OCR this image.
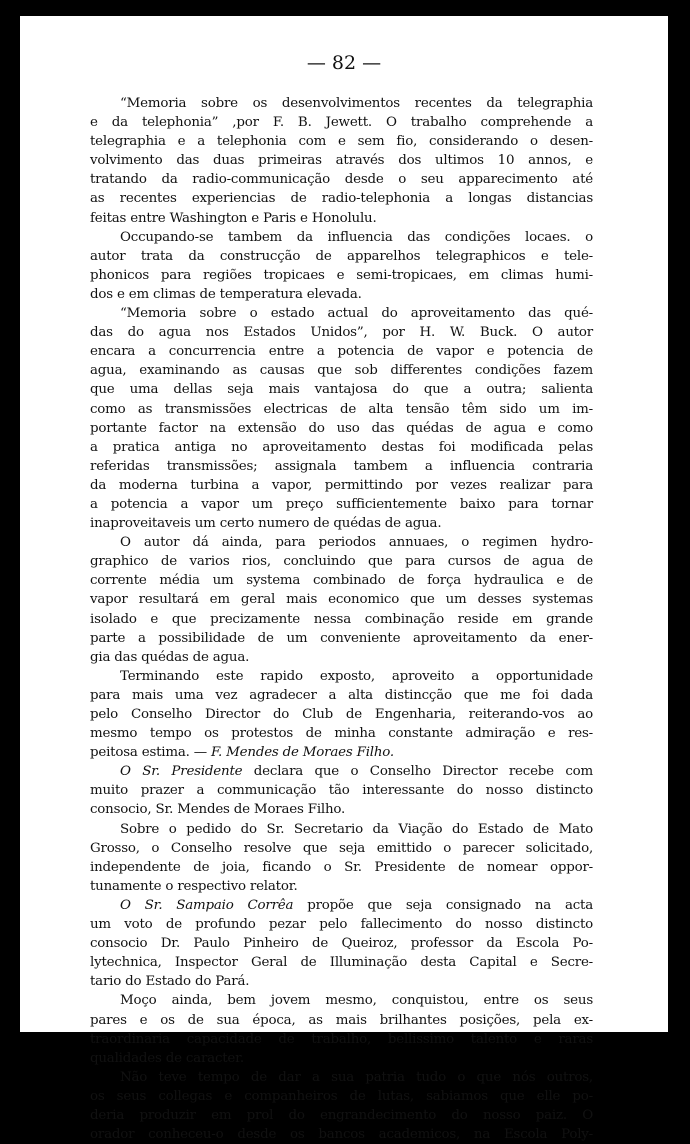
— 82 —
“Memoria sobre os desenvolvimentos recentes da telegraphia
e da telephonia” ,por F. B. Jewett. O trabalho comprehende a
telegraphia e a telephonia com e sem fio, considerando o desen-
volvimento das duas primeiras através dos ultimos 10 annos, e
tratando da radio-communicação desde o seu apparecimento até
as recentes experiencias de radio-telephonia a longas distancias
feitas entre Washington e Paris e Honolulu.
Occupando-se tambem da influencia das condições locaes. o
autor trata da construcção de apparelhos telegraphicos e tele-
phonicos para regiões tropicaes e semi-tropicaes, em climas humi-
dos e em climas de temperatura elevada.
“Memoria sobre o estado actual do aproveitamento das qué-
das do agua nos Estados Unidos”, por H. W. Buck. O autor
encara a concurrencia entre a potencia de vapor e potencia de
agua, examinando as causas que sob differentes condições fazem
que uma dellas seja mais vantajosa do que a outra; salienta
como as transmissões electricas de alta tensão têm sido um im-
portante factor na extensão do uso das quédas de agua e como
a pratica antiga no aproveitamento destas foi modificada pelas
referidas transmissões; assignala tambem a influencia contraria
da moderna turbina a vapor, permittindo por vezes realizar para
a potencia a vapor um preço sufficientemente baixo para tornar
inaproveitaveis um certo numero de quédas de agua.
O autor dá ainda, para periodos annuaes, o regimen hydro-
graphico de varios rios, concluindo que para cursos de agua de
corrente média um systema combinado de força hydraulica e de
vapor resultará em geral mais economico que um desses systemas
isolado e que precizamente nessa combinação reside em grande
parte a possibilidade de um conveniente aproveitamento da ener-
gia das quédas de agua.
Terminando este rapido exposto, aproveito a opportunidade
para mais uma vez agradecer a alta distincção que me foi dada
pelo Conselho Director do Club de Engenharia, reiterando-vos ao
mesmo tempo os protestos de minha constante admiração e res-
peitosa estima. — F. Mendes de Moraes Filho.
O Sr. Presidente declara que o Conselho Director recebe com
muito prazer a communicação tão interessante do nosso distincto
consocio, Sr. Mendes de Moraes Filho.
Sobre o pedido do Sr. Secretario da Viação do Estado de Mato
Grosso, o Conselho resolve que seja emittido o parecer solicitado,
independente de joia, ficando o Sr. Presidente de nomear oppor-
tunamente o respectivo relator.
O Sr. Sampaio Corrêa propõe que seja consignado na acta
um voto de profundo pezar pelo fallecimento do nosso distincto
consocio Dr. Paulo Pinheiro de Queiroz, professor da Escola Po-
lytechnica, Inspector Geral de Illuminação desta Capital e Secre-
tario do Estado do Pará.
Moço ainda, bem jovem mesmo, conquistou, entre os seus
pares e os de sua época, as mais brilhantes posições, pela ex-
traordinaria capacidade de trabalho, bellissimo talento e raras
qualidades de caracter.
Não teve tempo de dar a sua patria tudo o que nós outros,
os seus collegas e companheiros de lutas, sabiamos que elle po-
deria produzir em prol do engrandecimento do nosso paiz. O
orador conheceu-o desde os bancos academicos, na Escola Poly-
